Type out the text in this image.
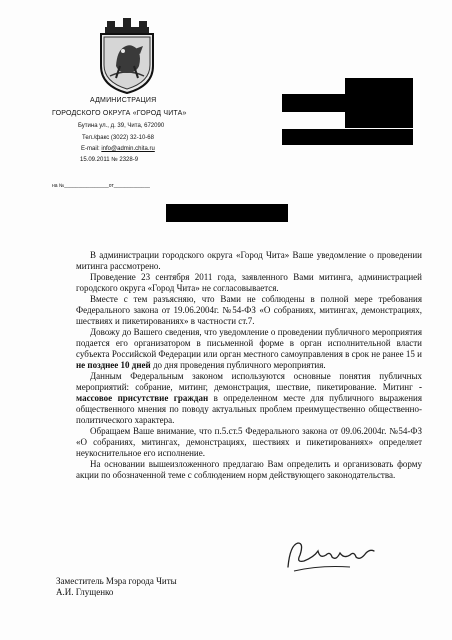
АДМИНИСТРАЦИЯ
ГОРОДСКОГО ОКРУГА «ГОРОД ЧИТА»
Бутина ул., д. 39, Чита, 672090
Тел./факс (3022) 32-10-68
E-mail: info@admin.chita.ru
15.09.2011 № 2328-9
на №________________от_____________

В администрации городского округа «Город Чита» Ваше уведомление о проведении митинга рассмотрено.

Проведение 23 сентября 2011 года, заявленного Вами митинга, администрацией городского округа «Город Чита» не согласовывается.

Вместе с тем разъясняю, что Вами не соблюдены в полной мере требования Федерального закона от 19.06.2004г. №54-ФЗ «О собраниях, митингах, демонстрациях, шествиях и пикетированиях» в частности ст.7.

Довожу до Вашего сведения, что уведомление о проведении публичного мероприятия подается его организатором в письменной форме в орган исполнительной власти субъекта Российской Федерации или орган местного самоуправления в срок не ранее 15 и не позднее 10 дней до дня проведения публичного мероприятия.

Данным Федеральным законом используются основные понятия публичных мероприятий: собрание, митинг, демонстрация, шествие, пикетирование. Митинг - массовое присутствие граждан в определенном месте для публичного выражения общественного мнения по поводу актуальных проблем преимущественно общественно-политического характера.

Обращаем Ваше внимание, что п.5.ст.5 Федерального закона от 09.06.2004г. №54-ФЗ «О собраниях, митингах, демонстрациях, шествиях и пикетированиях» определяет неукоснительное его исполнение.

На основании вышеизложенного предлагаю Вам определить и организовать форму акции по обозначенной теме с соблюдением норм действующего законодательства.

Заместитель Мэра города Читы
А.И. Глущенко
